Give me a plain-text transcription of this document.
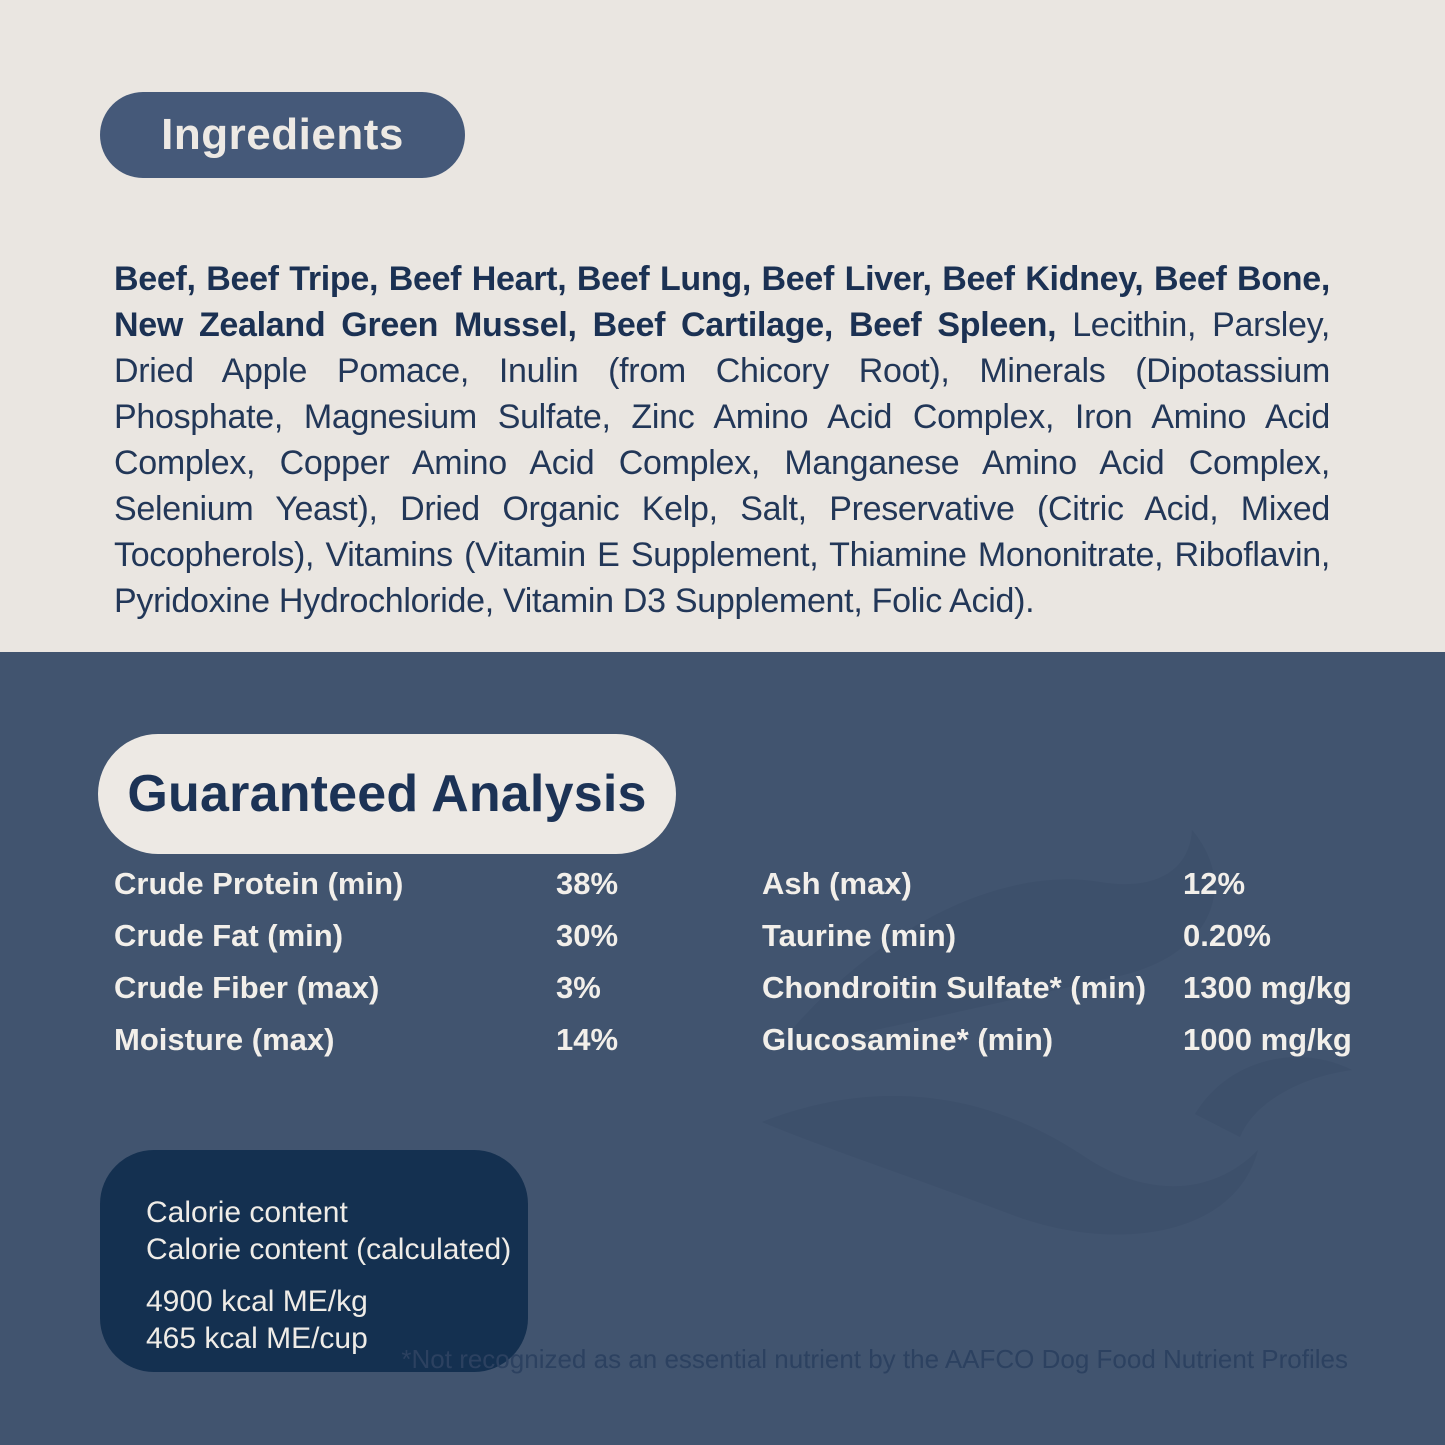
Ingredients

Beef, Beef Tripe, Beef Heart, Beef Lung, Beef Liver, Beef Kidney, Beef Bone, New Zealand Green Mussel, Beef Cartilage, Beef Spleen, Lecithin, Parsley, Dried Apple Pomace, Inulin (from Chicory Root), Minerals (Dipotassium Phosphate, Magnesium Sulfate, Zinc Amino Acid Complex, Iron Amino Acid Complex, Copper Amino Acid Complex, Manganese Amino Acid Complex, Selenium Yeast), Dried Organic Kelp, Salt, Preservative (Citric Acid, Mixed Tocopherols), Vitamins (Vitamin E Supplement, Thiamine Mononitrate, Riboflavin, Pyridoxine Hydrochloride, Vitamin D3 Supplement, Folic Acid).

Guaranteed Analysis
Crude Protein (min)	38%
Crude Fat (min)	30%
Crude Fiber (max)	3%
Moisture (max)	14%
Ash (max)	12%
Taurine (min)	0.20%
Chondroitin Sulfate* (min) 1300 mg/kg
Glucosamine* (min)	1000 mg/kg
Calorie content
Calorie content (calculated)
4900 kcal ME/kg
465 kcal ME/cup
*Not recognized as an essential nutrient by the AAFCO Dog Food Nutrient Profiles
